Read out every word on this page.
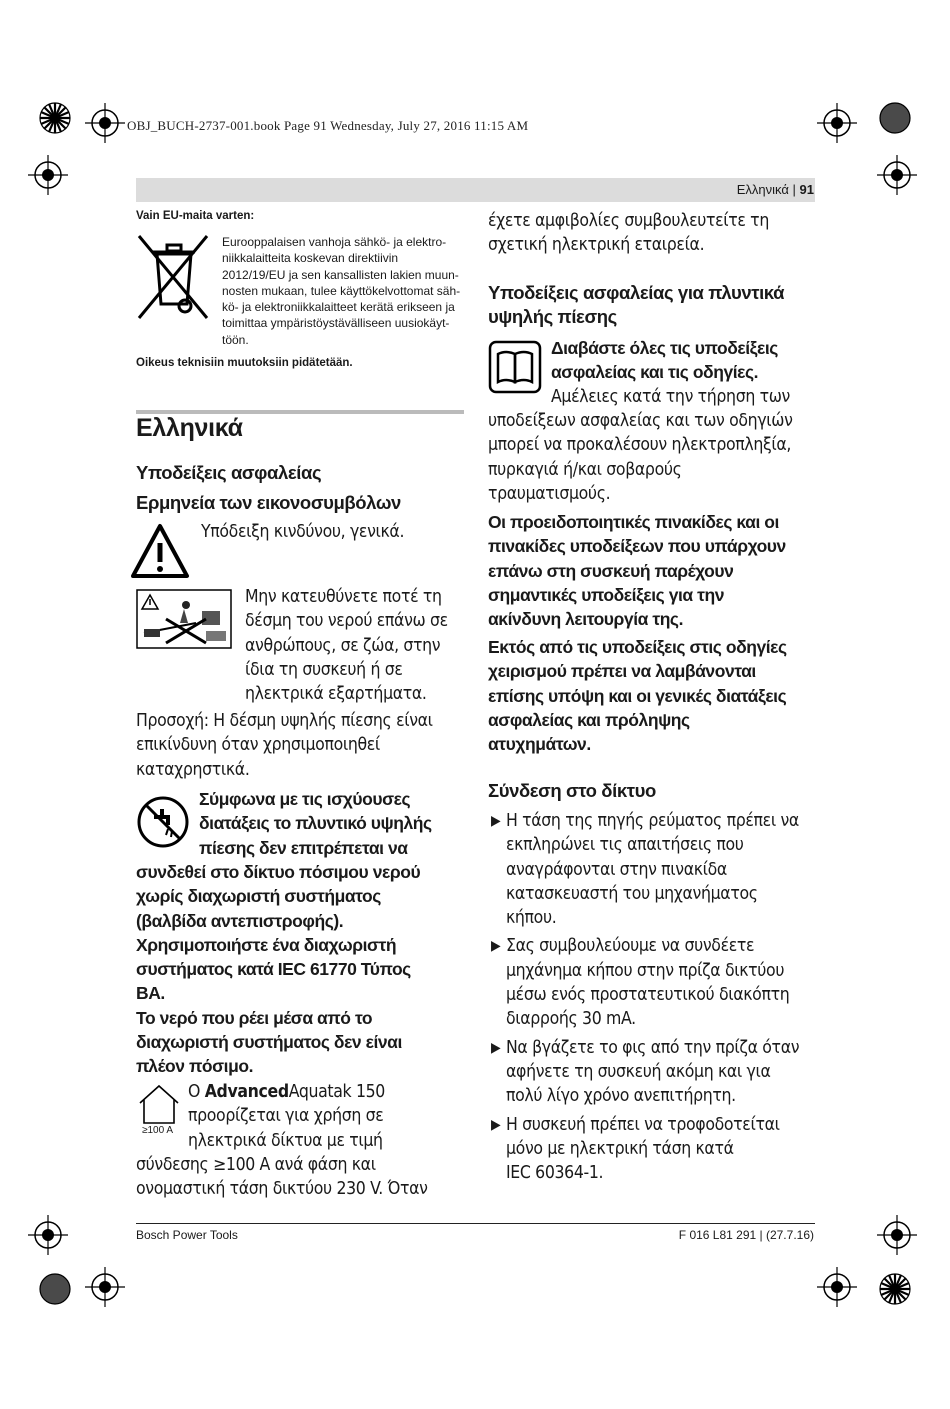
OBJ_BUCH-2737-001.book Page 91 Wednesday, July 27, 2016 11:15 AM
Ελληνικά | 91
Vain EU-maita varten:
Eurooppalaisen vanhoja sähkö- ja elektro-
niikkalaitteita koskevan direktiivin
2012/19/EU ja sen kansallisten lakien muun-
nosten mukaan, tulee käyttökelvottomat säh-
kö- ja elektroniikkalaitteet kerätä erikseen ja
toimittaa ympäristöystävälliseen uusiokäyt-
töön.
Oikeus teknisiin muutoksiin pidätetään.
Ελληνικά
Υποδείξεις ασφαλείας
Ερμηνεία των εικονοσυμβόλων
Υπόδειξη κινδύνου, γενικά.
Μην κατευθύνετε ποτέ τη
δέσμη του νερού επάνω σε
ανθρώπους, σε ζώα, στην
ίδια τη συσκευή ή σε
ηλεκτρικά εξαρτήματα.
Προσοχή: Η δέσμη υψηλής πίεσης είναι
επικίνδυνη όταν χρησιμοποιηθεί
καταχρηστικά.
Σύμφωνα με τις ισχύουσες
διατάξεις το πλυντικό υψηλής
πίεσης δεν επιτρέπεται να
συνδεθεί στο δίκτυο πόσιμου νερού
χωρίς διαχωριστή συστήματος
(βαλβίδα αντεπιστροφής).
Χρησιμοποιήστε ένα διαχωριστή
συστήματος κατά IEC 61770 Τύπος
ΒΑ.
Το νερό που ρέει μέσα από το
διαχωριστή συστήματος δεν είναι
πλέον πόσιμο.
≥100 A
Ο AdvancedAquatak 150
προορίζεται για χρήση σε
ηλεκτρικά δίκτυα με τιμή
σύνδεσης ≥100 A ανά φάση και
ονομαστική τάση δικτύου 230 V. Όταν
έχετε αμφιβολίες συμβουλευτείτε τη
σχετική ηλεκτρική εταιρεία.
Υποδείξεις ασφαλείας για πλυντικά
υψηλής πίεσης
Διαβάστε όλες τις υποδείξεις
ασφαλείας και τις οδηγίες.
Αμέλειες κατά την τήρηση των
υποδείξεων ασφαλείας και των οδηγιών
μπορεί να προκαλέσουν ηλεκτροπληξία,
πυρκαγιά ή/και σοβαρούς
τραυματισμούς.
Οι προειδοποιητικές πινακίδες και οι
πινακίδες υποδείξεων που υπάρχουν
επάνω στη συσκευή παρέχουν
σημαντικές υποδείξεις για την
ακίνδυνη λειτουργία της.
Εκτός από τις υποδείξεις στις οδηγίες
χειρισμού πρέπει να λαμβάνονται
επίσης υπόψη και οι γενικές διατάξεις
ασφαλείας και πρόληψης
ατυχημάτων.
Σύνδεση στο δίκτυο
▶ Η τάση της πηγής ρεύματος πρέπει να
εκπληρώνει τις απαιτήσεις που
αναγράφονται στην πινακίδα
κατασκευαστή του μηχανήματος
κήπου.
▶ Σας συμβουλεύουμε να συνδέετε
μηχάνημα κήπου στην πρίζα δικτύου
μέσω ενός προστατευτικού διακόπτη
διαρροής 30 mA.
▶ Να βγάζετε το φις από την πρίζα όταν
αφήνετε τη συσκευή ακόμη και για
πολύ λίγο χρόνο ανεπιτήρητη.
▶ Η συσκευή πρέπει να τροφοδοτείται
μόνο με ηλεκτρική τάση κατά
IEC 60364-1.
Bosch Power Tools	F 016 L81 291 | (27.7.16)
